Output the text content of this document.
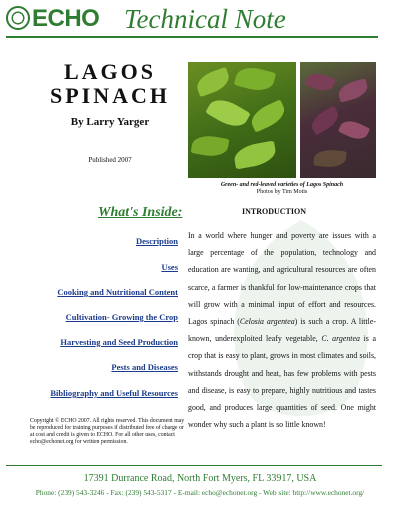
ECHO Technical Note
LAGOS
SPINACH
By Larry Yarger
Published 2007
Green- and red-leaved varieties of Lagos Spinach
Photos by Tim Motis
What's Inside:
Description
Uses
Cooking and Nutritional Content
Cultivation- Growing the Crop
Harvesting and Seed Production
Pests and Diseases
Bibliography and Useful Resources
Copyright © ECHO 2007. All rights reserved. This document may be reproduced for training purposes if distributed free of charge or at cost and credit is given to ECHO. For all other uses, contact echo@echonet.org for written permission.
INTRODUCTION
In a world where hunger and poverty are issues with a large percentage of the population, technology and education are wanting, and agricultural resources are often scarce, a farmer is thankful for low-maintenance crops that will grow with a minimal input of effort and resources. Lagos spinach (Celosia argentea) is such a crop. A little-known, underexploited leafy vegetable, C. argentea is a crop that is easy to plant, grows in most climates and soils, withstands drought and heat, has few problems with pests and disease, is easy to prepare, highly nutritious and tastes good, and produces large quantities of seed. One might wonder why such a plant is so little known!
17391 Durrance Road, North Fort Myers, FL 33917, USA
Phone: (239) 543-3246 - Fax: (239) 543-5317 - E-mail: echo@echonet.org - Web site: http://www.echonet.org/
